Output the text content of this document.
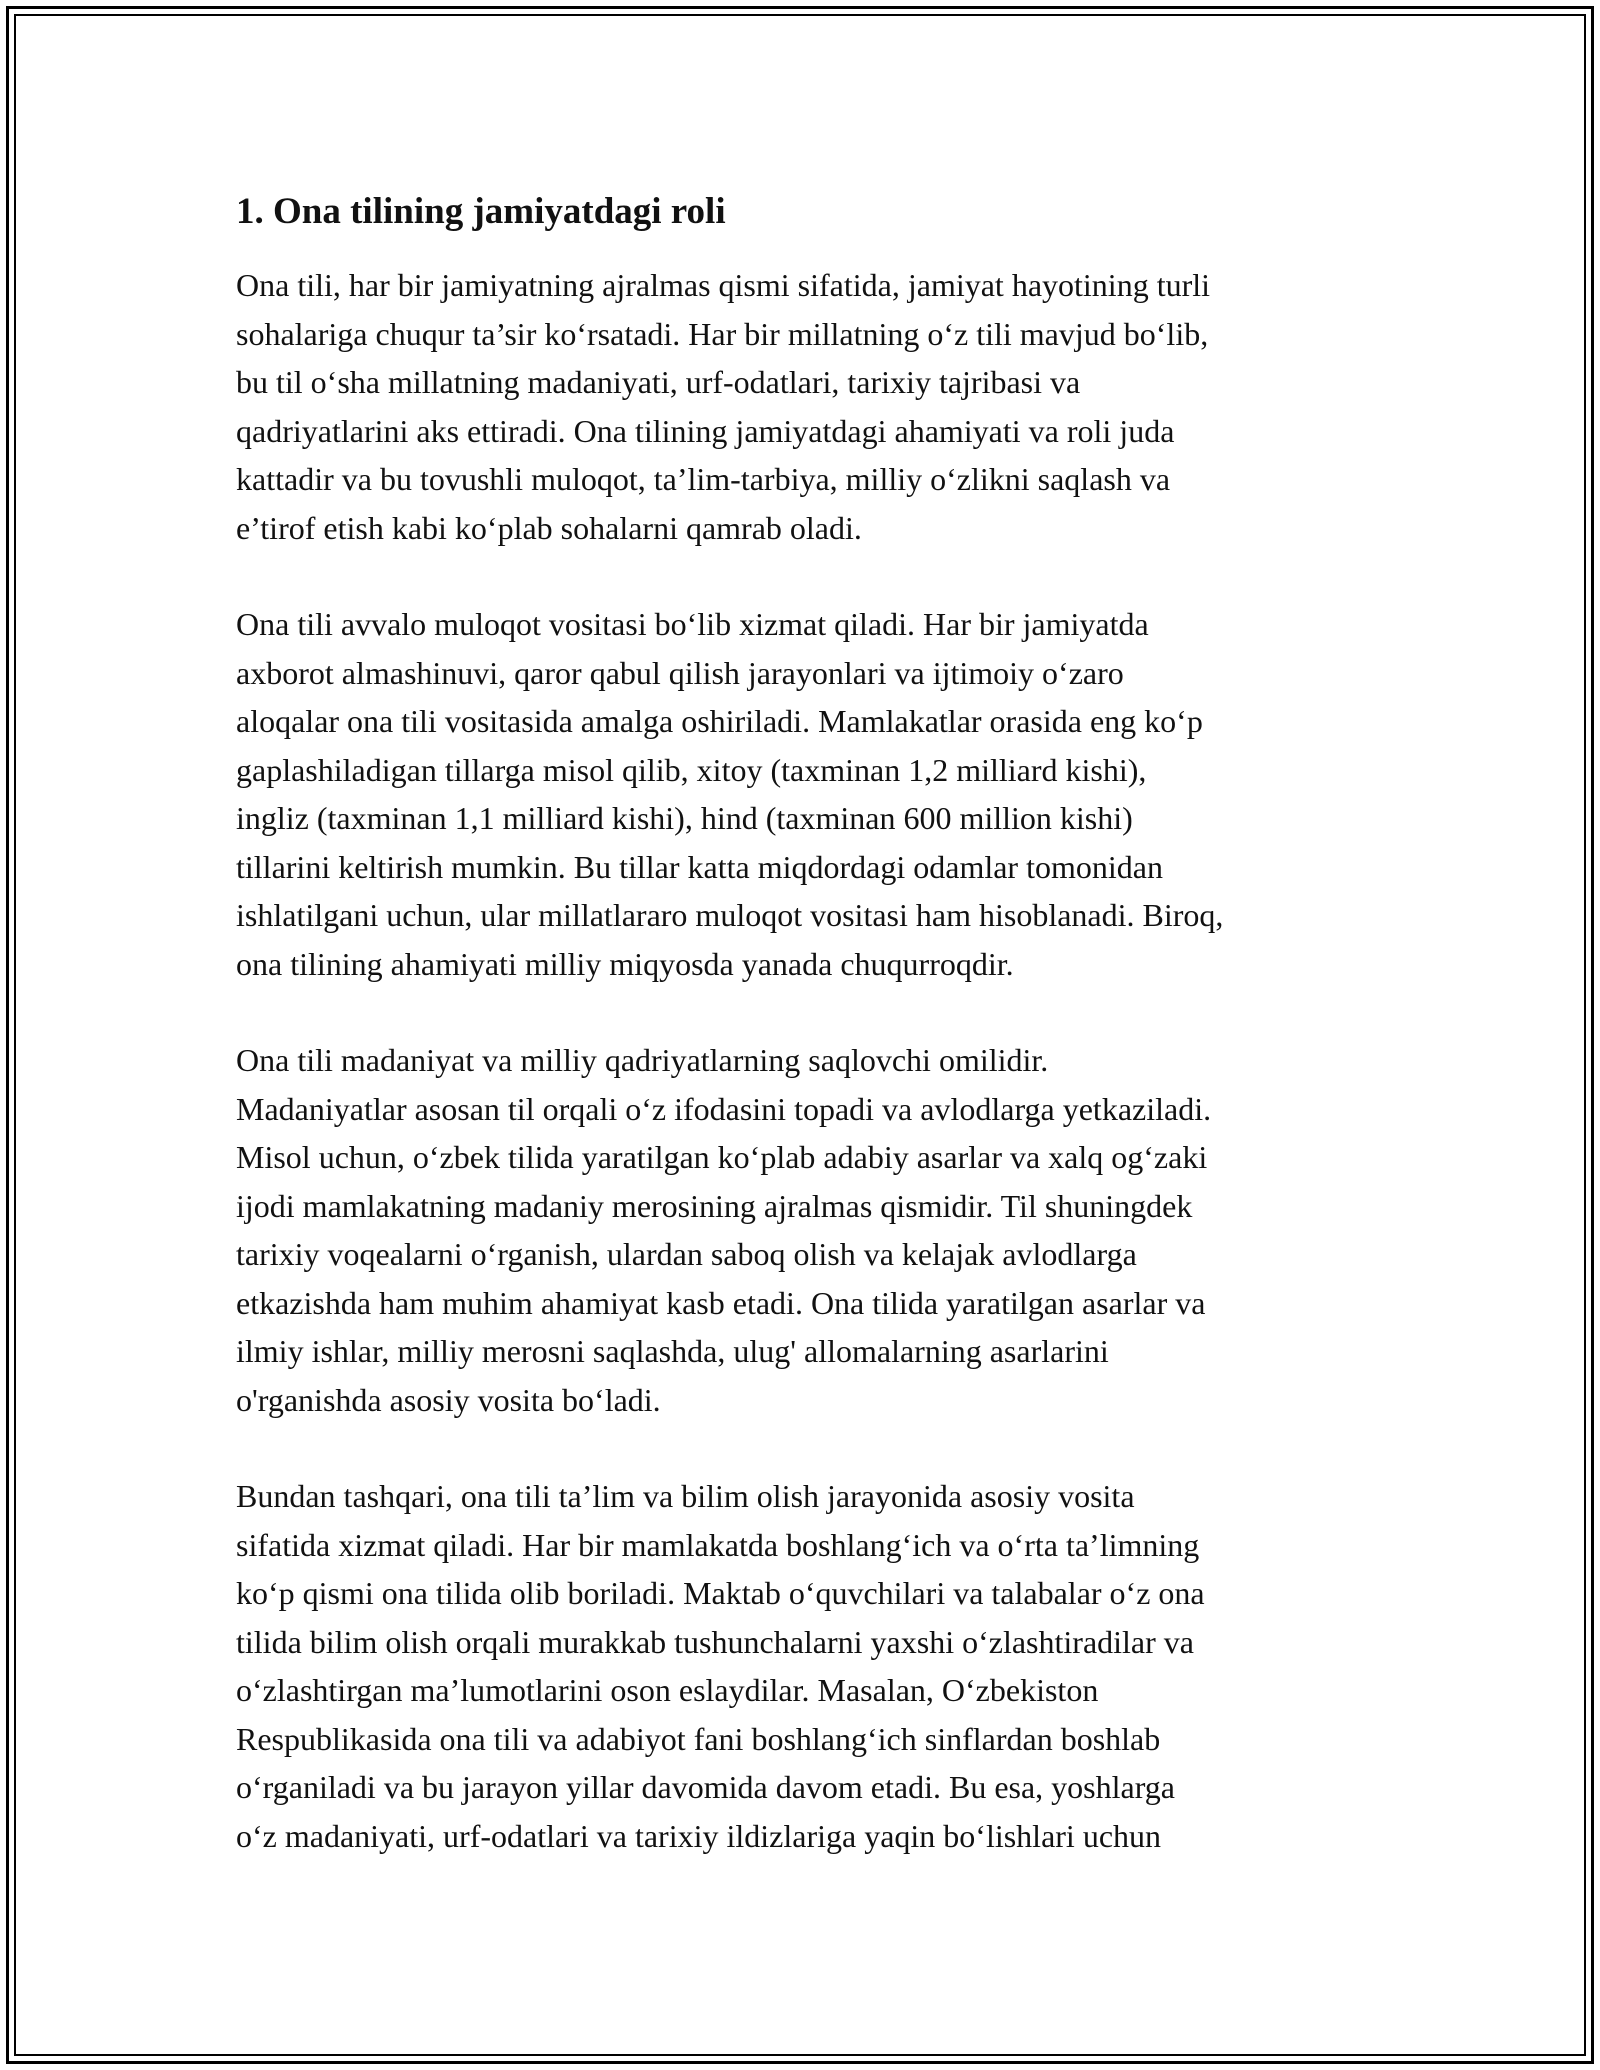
1. Ona tilining jamiyatdagi roli

Ona tili, har bir jamiyatning ajralmas qismi sifatida, jamiyat hayotining turli
sohalariga chuqur ta’sir ko‘rsatadi. Har bir millatning o‘z tili mavjud bo‘lib,
bu til o‘sha millatning madaniyati, urf-odatlari, tarixiy tajribasi va
qadriyatlarini aks ettiradi. Ona tilining jamiyatdagi ahamiyati va roli juda
kattadir va bu tovushli muloqot, ta’lim-tarbiya, milliy o‘zlikni saqlash va
e’tirof etish kabi ko‘plab sohalarni qamrab oladi.

Ona tili avvalo muloqot vositasi bo‘lib xizmat qiladi. Har bir jamiyatda
axborot almashinuvi, qaror qabul qilish jarayonlari va ijtimoiy o‘zaro
aloqalar ona tili vositasida amalga oshiriladi. Mamlakatlar orasida eng ko‘p
gaplashiladigan tillarga misol qilib, xitoy (taxminan 1,2 milliard kishi),
ingliz (taxminan 1,1 milliard kishi), hind (taxminan 600 million kishi)
tillarini keltirish mumkin. Bu tillar katta miqdordagi odamlar tomonidan
ishlatilgani uchun, ular millatlararo muloqot vositasi ham hisoblanadi. Biroq,
ona tilining ahamiyati milliy miqyosda yanada chuqurroqdir.

Ona tili madaniyat va milliy qadriyatlarning saqlovchi omilidir.
Madaniyatlar asosan til orqali o‘z ifodasini topadi va avlodlarga yetkaziladi.
Misol uchun, o‘zbek tilida yaratilgan ko‘plab adabiy asarlar va xalq og‘zaki
ijodi mamlakatning madaniy merosining ajralmas qismidir. Til shuningdek
tarixiy voqealarni o‘rganish, ulardan saboq olish va kelajak avlodlarga
etkazishda ham muhim ahamiyat kasb etadi. Ona tilida yaratilgan asarlar va
ilmiy ishlar, milliy merosni saqlashda, ulug' allomalarning asarlarini
o'rganishda asosiy vosita bo‘ladi.

Bundan tashqari, ona tili ta’lim va bilim olish jarayonida asosiy vosita
sifatida xizmat qiladi. Har bir mamlakatda boshlang‘ich va o‘rta ta’limning
ko‘p qismi ona tilida olib boriladi. Maktab o‘quvchilari va talabalar o‘z ona
tilida bilim olish orqali murakkab tushunchalarni yaxshi o‘zlashtiradilar va
o‘zlashtirgan ma’lumotlarini oson eslaydilar. Masalan, O‘zbekiston
Respublikasida ona tili va adabiyot fani boshlang‘ich sinflardan boshlab
o‘rganiladi va bu jarayon yillar davomida davom etadi. Bu esa, yoshlarga
o‘z madaniyati, urf-odatlari va tarixiy ildizlariga yaqin bo‘lishlari uchun
